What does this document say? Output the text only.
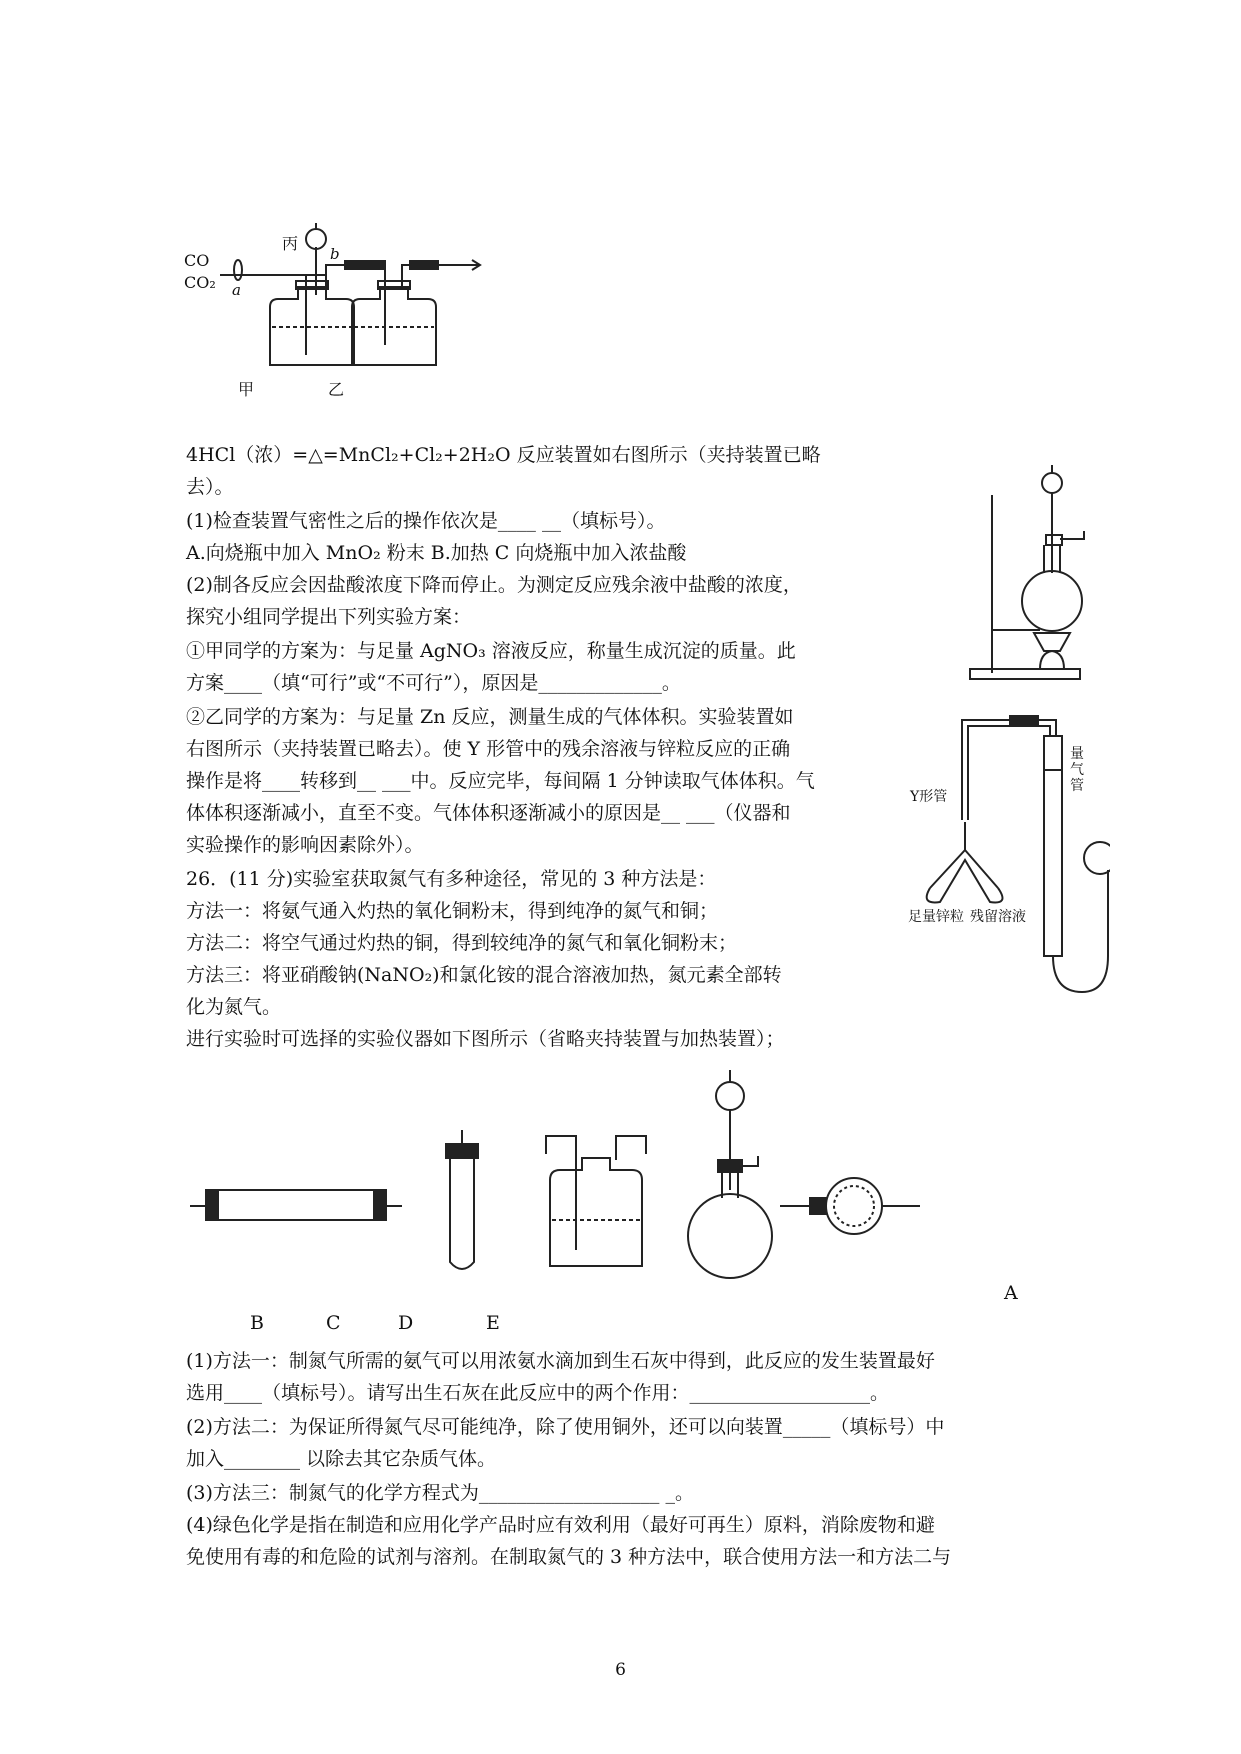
CO
CO₂ a
b
丙
甲	乙
4HCl（浓）=△=MnCl₂+Cl₂+2H₂O 反应装置如右图所示（夹持装置已略
去）。
(1)检查装置气密性之后的操作依次是____ __（填标号）。
A.向烧瓶中加入 MnO₂ 粉末 B.加热 C 向烧瓶中加入浓盐酸
(2)制各反应会因盐酸浓度下降而停止。为测定反应残余液中盐酸的浓度，
探究小组同学提出下列实验方案：
①甲同学的方案为：与足量 AgNO₃ 溶液反应，称量生成沉淀的质量。此
方案____（填“可行”或“不可行”），原因是_____________。
②乙同学的方案为：与足量 Zn 反应，测量生成的气体体积。实验装置如
右图所示（夹持装置已略去）。使 Y 形管中的残余溶液与锌粒反应的正确
操作是将____转移到__ ___中。反应完毕，每间隔 1 分钟读取气体体积。气
体体积逐渐减小，直至不变。气体体积逐渐减小的原因是__ ___（仪器和
实验操作的影响因素除外）。
Y形管
量气管
足量锌粒 残留溶液
26．(11 分)实验室获取氮气有多种途径，常见的 3 种方法是：
方法一：将氨气通入灼热的氧化铜粉末，得到纯净的氮气和铜；
方法二：将空气通过灼热的铜，得到较纯净的氮气和氧化铜粉末；
方法三：将亚硝酸钠(NaNO₂)和氯化铵的混合溶液加热，氮元素全部转
化为氮气。
进行实验时可选择的实验仪器如下图所示（省略夹持装置与加热装置）；
A
B	C	D	E
(1)方法一：制氮气所需的氨气可以用浓氨水滴加到生石灰中得到，此反应的发生装置最好
选用____（填标号）。请写出生石灰在此反应中的两个作用：___________________。
(2)方法二：为保证所得氮气尽可能纯净，除了使用铜外，还可以向装置_____（填标号）中
加入________ 以除去其它杂质气体。
(3)方法三：制氮气的化学方程式为___________________ _。
(4)绿色化学是指在制造和应用化学产品时应有效利用（最好可再生）原料，消除废物和避
免使用有毒的和危险的试剂与溶剂。在制取氮气的 3 种方法中，联合使用方法一和方法二与
6
